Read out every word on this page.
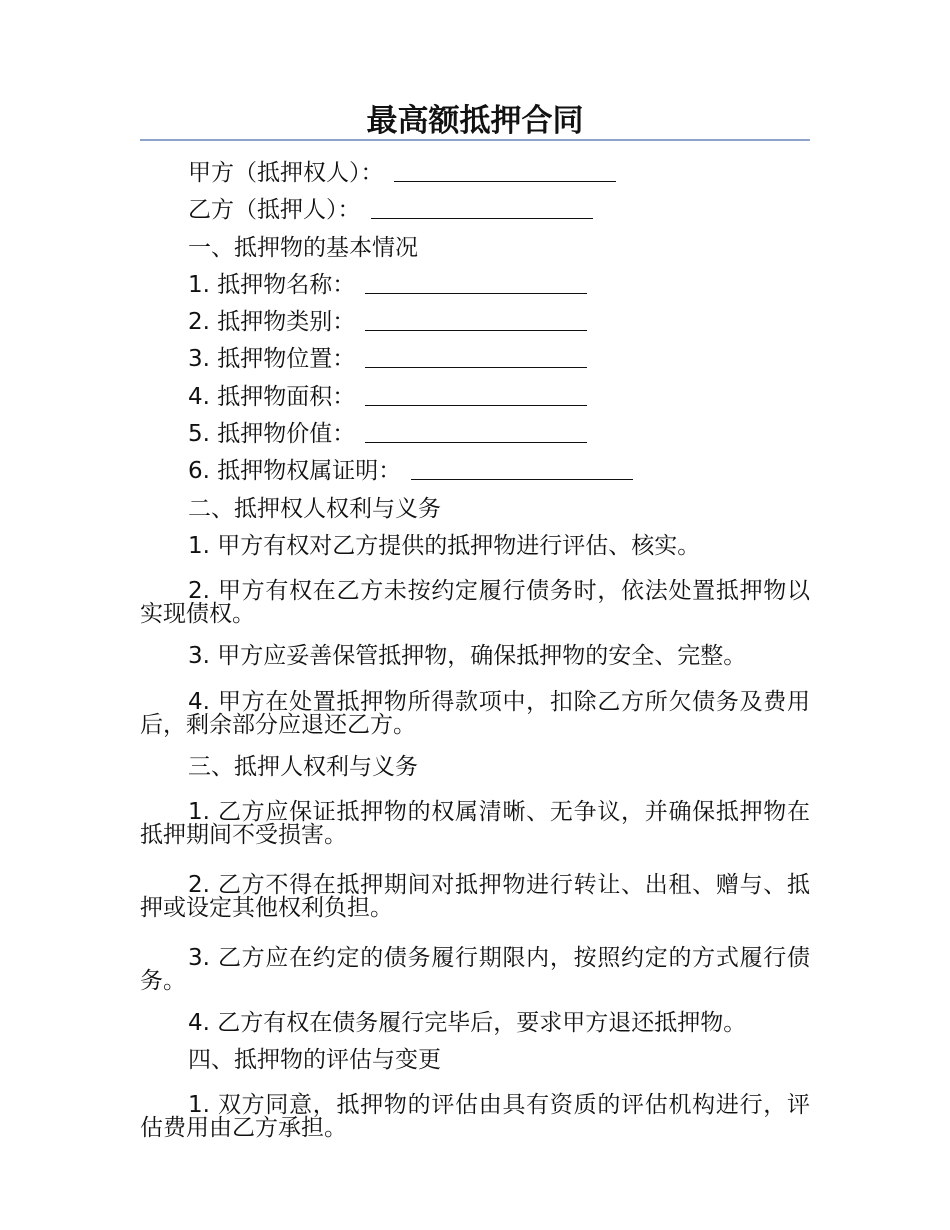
最高额抵押合同
甲方（抵押权人）：
乙方（抵押人）：
一、抵押物的基本情况
1. 抵押物名称：
2. 抵押物类别：
3. 抵押物位置：
4. 抵押物面积：
5. 抵押物价值：
6. 抵押物权属证明：
二、抵押权人权利与义务
1. 甲方有权对乙方提供的抵押物进行评估、核实。
2. 甲方有权在乙方未按约定履行债务时，依法处置抵押物以实现债权。
3. 甲方应妥善保管抵押物，确保抵押物的安全、完整。
4. 甲方在处置抵押物所得款项中，扣除乙方所欠债务及费用后，剩余部分应退还乙方。
三、抵押人权利与义务
1. 乙方应保证抵押物的权属清晰、无争议，并确保抵押物在抵押期间不受损害。
2. 乙方不得在抵押期间对抵押物进行转让、出租、赠与、抵押或设定其他权利负担。
3. 乙方应在约定的债务履行期限内，按照约定的方式履行债务。
4. 乙方有权在债务履行完毕后，要求甲方退还抵押物。
四、抵押物的评估与变更
1. 双方同意，抵押物的评估由具有资质的评估机构进行，评估费用由乙方承担。
